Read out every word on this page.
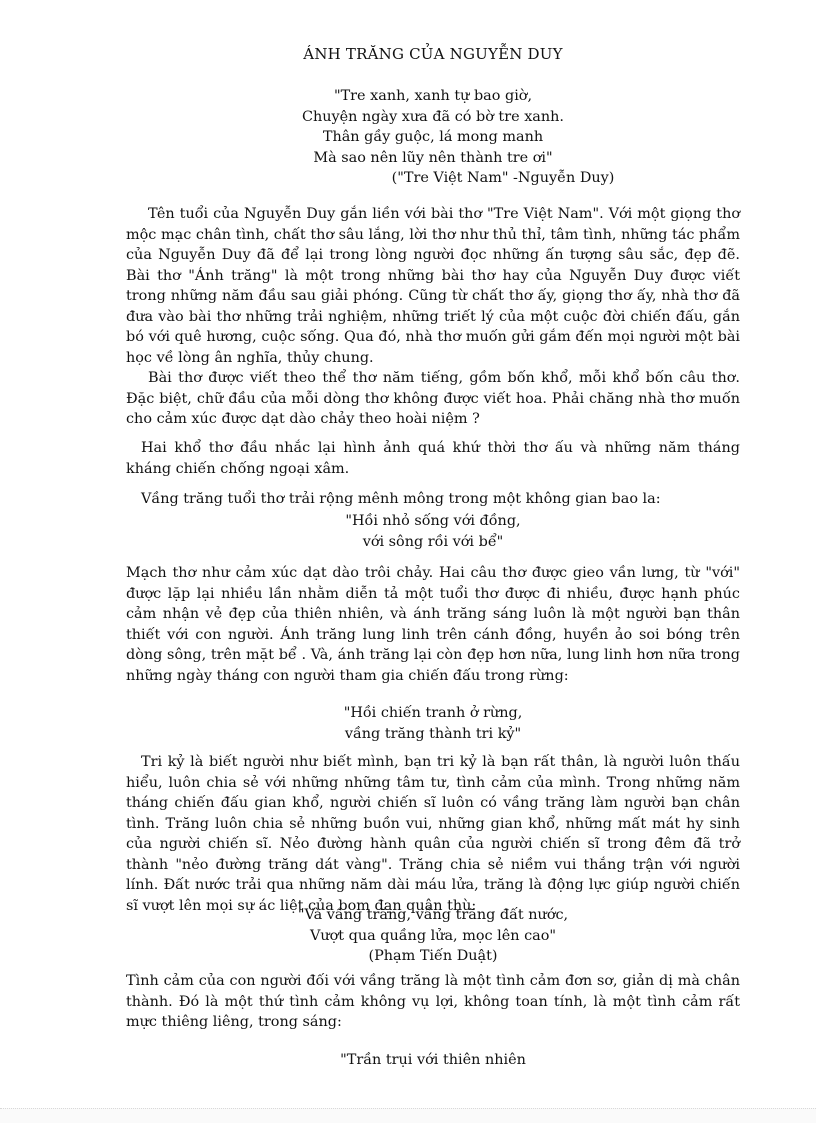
ÁNH TRĂNG CỦA NGUYỄN DUY
"Tre xanh, xanh tự bao giờ,
Chuyện ngày xưa đã có bờ tre xanh.
Thân gầy guộc, lá mong manh
Mà sao nên lũy nên thành tre ơi"
("Tre Việt Nam" -Nguyễn Duy)
Tên tuổi của Nguyễn Duy gắn liền với bài thơ "Tre Việt Nam". Với một giọng thơ mộc mạc chân tình, chất thơ sâu lắng, lời thơ như thủ thỉ, tâm tình, những tác phẩm của Nguyễn Duy đã để lại trong lòng người đọc những ấn tượng sâu sắc, đẹp đẽ. Bài thơ "Ánh trăng" là một trong những bài thơ hay của Nguyễn Duy được viết trong những năm đầu sau giải phóng. Cũng từ chất thơ ấy, giọng thơ ấy, nhà thơ đã đưa vào bài thơ những trải nghiệm, những triết lý của một cuộc đời chiến đấu, gắn bó với quê hương, cuộc sống. Qua đó, nhà thơ muốn gửi gắm đến mọi người một bài học về lòng ân nghĩa, thủy chung.
Bài thơ được viết theo thể thơ năm tiếng, gồm bốn khổ, mỗi khổ bốn câu thơ. Đặc biệt, chữ đầu của mỗi dòng thơ không được viết hoa. Phải chăng nhà thơ muốn cho cảm xúc được dạt dào chảy theo hoài niệm ?
Hai khổ thơ đầu nhắc lại hình ảnh quá khứ thời thơ ấu và những năm tháng kháng chiến chống ngoại xâm.
Vầng trăng tuổi thơ trải rộng mênh mông trong một không gian bao la:
"Hồi nhỏ sống với đồng,
với sông rồi với bể"
Mạch thơ như cảm xúc dạt dào trôi chảy. Hai câu thơ được gieo vần lưng, từ "với" được lặp lại nhiều lần nhằm diễn tả một tuổi thơ được đi nhiều, được hạnh phúc cảm nhận vẻ đẹp của thiên nhiên, và ánh trăng sáng luôn là một người bạn thân thiết với con người. Ánh trăng lung linh trên cánh đồng, huyền ảo soi bóng trên dòng sông, trên mặt bể . Và, ánh trăng lại còn đẹp hơn nữa, lung linh hơn nữa trong những ngày tháng con người tham gia chiến đấu trong rừng:
"Hồi chiến tranh ở rừng,
vầng trăng thành tri kỷ"
Tri kỷ là biết người như biết mình, bạn tri kỷ là bạn rất thân, là người luôn thấu hiểu, luôn chia sẻ với những những tâm tư, tình cảm của mình. Trong những năm tháng chiến đấu gian khổ, người chiến sĩ luôn có vầng trăng làm người bạn chân tình. Trăng luôn chia sẻ những buồn vui, những gian khổ, những mất mát hy sinh của người chiến sĩ. Nẻo đường hành quân của người chiến sĩ trong đêm đã trở thành "nẻo đường trăng dát vàng". Trăng chia sẻ niềm vui thắng trận với người lính. Đất nước trải qua những năm dài máu lửa, trăng là động lực giúp người chiến sĩ vượt lên mọi sự ác liệt của bom đạn quân thù:
"Và vầng trăng, vầng trăng đất nước,
Vượt qua quầng lửa, mọc lên cao"
(Phạm Tiến Duật)
Tình cảm của con người đối với vầng trăng là một tình cảm đơn sơ, giản dị mà chân thành. Đó là một thứ tình cảm không vụ lợi, không toan tính, là một tình cảm rất mực thiêng liêng, trong sáng:
"Trần trụi với thiên nhiên
